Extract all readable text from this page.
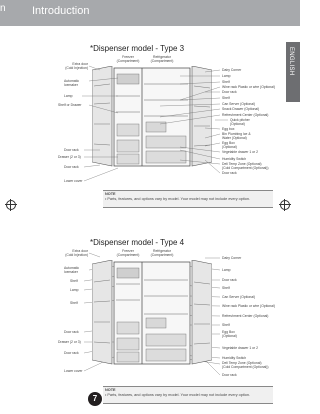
n Introduction
ENGLISH
*Dispenser model - Type 3
Freezer
(Compartment)
Refrigerator
(Compartment)
Extra door
(Cold Injection)
Automatic
Icemaker
Lamp
Shelf or Drawer
Door rack
Drawer (2 or 3)
Door rack
Lower cover
Dairy Corner
Lamp
Shelf
Wine rack Plastic or wire (Optional)
Door rack
Shelf
Can Server (Optional)
Snack Drawer (Optional)
Refreshment Center (Optional)
Quick pitcher
(Optional)
Egg box
Bin Plumbing Ice &
Water (Optional)
Egg Box
(Optional)
Vegetable drawer 1 or 2
Humidity Switch
Deli Temp Zone (Optional)
(Cold Compartment (Optional))
Door rack
NOTE
• Parts, features, and options vary by model. Your model may not include every option.
*Dispenser model - Type 4
Freezer
(Compartment)
Refrigerator
(Compartment)
Extra door
(Cold Injection)
Automatic
Icemaker
Shelf
Lamp
Shelf
Door rack
Drawer (2 or 3)
Door rack
Lower cover
Dairy Corner
Lamp
Door rack
Shelf
Can Server (Optional)
Wine rack Plastic or wire (Optional)
Refreshment Center (Optional)
Shelf
Egg Box
(Optional)
Vegetable drawer 1 or 2
Humidity Switch
Deli Temp Zone (Optional)
(Cold Compartment (Optional))
Door rack
7
NOTE
• Parts, features, and options vary by model. Your model may not include every option.
